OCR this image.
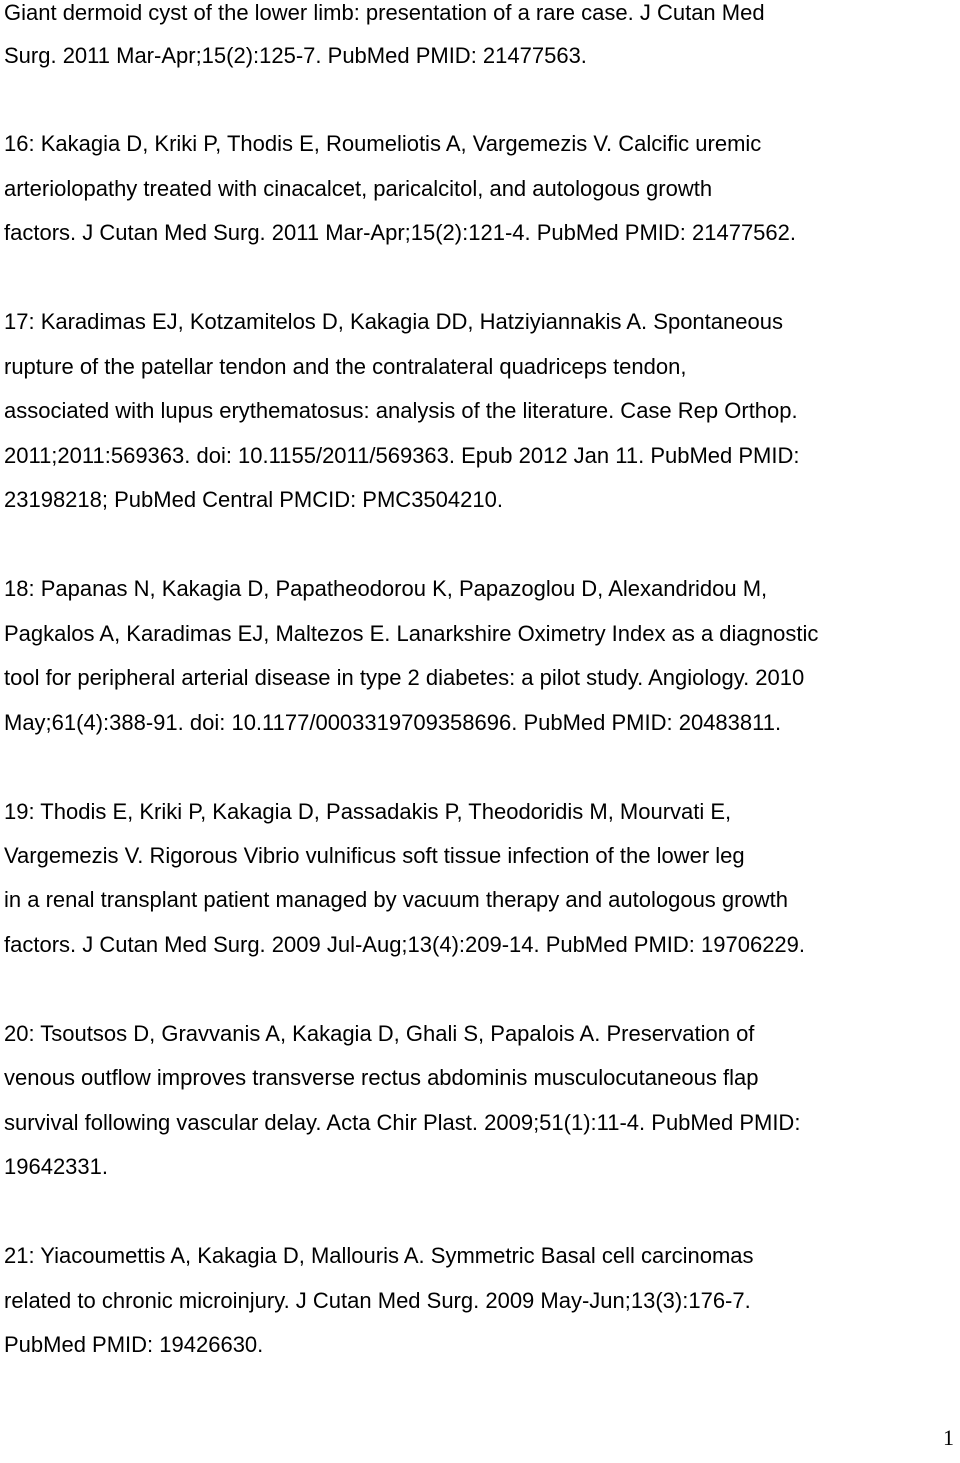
Giant dermoid cyst of the lower limb: presentation of a rare case. J Cutan Med
Surg. 2011 Mar-Apr;15(2):125-7. PubMed PMID: 21477563.
16: Kakagia D, Kriki P, Thodis E, Roumeliotis A, Vargemezis V. Calcific uremic
arteriolopathy treated with cinacalcet, paricalcitol, and autologous growth
factors. J Cutan Med Surg. 2011 Mar-Apr;15(2):121-4. PubMed PMID: 21477562.
17: Karadimas EJ, Kotzamitelos D, Kakagia DD, Hatziyiannakis A. Spontaneous
rupture of the patellar tendon and the contralateral quadriceps tendon,
associated with lupus erythematosus: analysis of the literature. Case Rep Orthop.
2011;2011:569363. doi: 10.1155/2011/569363. Epub 2012 Jan 11. PubMed PMID:
23198218; PubMed Central PMCID: PMC3504210.
18: Papanas N, Kakagia D, Papatheodorou K, Papazoglou D, Alexandridou M,
Pagkalos A, Karadimas EJ, Maltezos E. Lanarkshire Oximetry Index as a diagnostic
tool for peripheral arterial disease in type 2 diabetes: a pilot study. Angiology. 2010
May;61(4):388-91. doi: 10.1177/0003319709358696. PubMed PMID: 20483811.
19: Thodis E, Kriki P, Kakagia D, Passadakis P, Theodoridis M, Mourvati E,
Vargemezis V. Rigorous Vibrio vulnificus soft tissue infection of the lower leg
in a renal transplant patient managed by vacuum therapy and autologous growth
factors. J Cutan Med Surg. 2009 Jul-Aug;13(4):209-14. PubMed PMID: 19706229.
20: Tsoutsos D, Gravvanis A, Kakagia D, Ghali S, Papalois A. Preservation of
venous outflow improves transverse rectus abdominis musculocutaneous flap
survival following vascular delay. Acta Chir Plast. 2009;51(1):11-4. PubMed PMID:
19642331.
21: Yiacoumettis A, Kakagia D, Mallouris A. Symmetric Basal cell carcinomas
related to chronic microinjury. J Cutan Med Surg. 2009 May-Jun;13(3):176-7.
PubMed PMID: 19426630.
1
